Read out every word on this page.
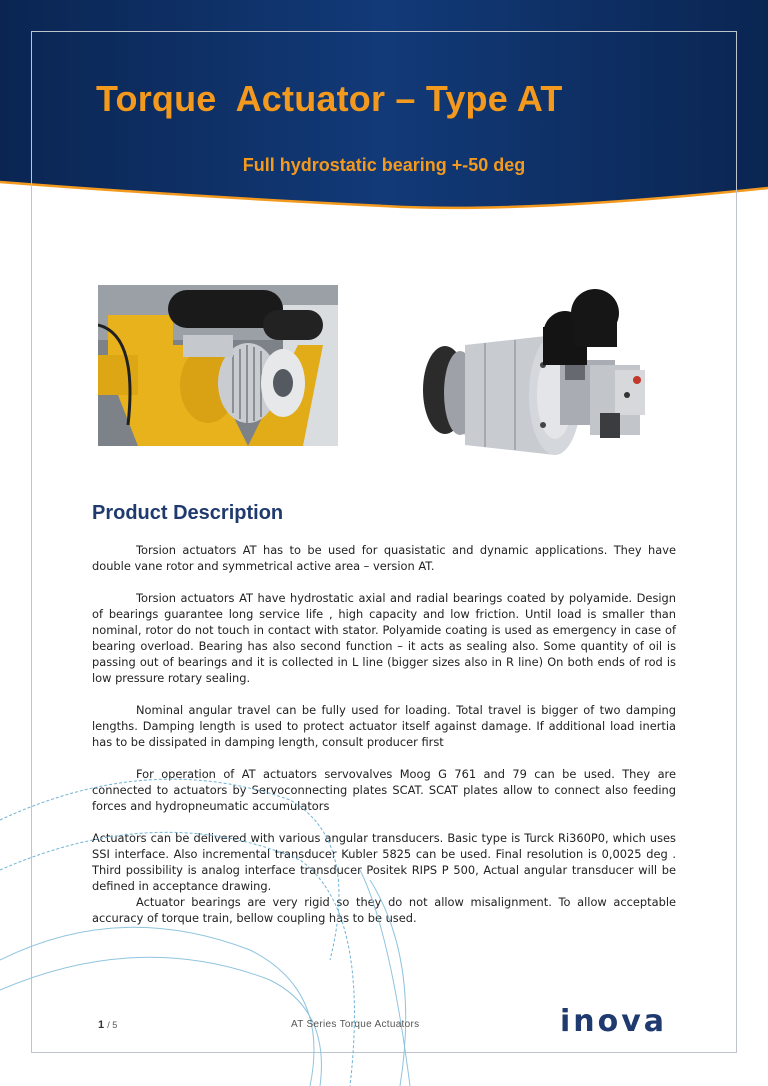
Torque  Actuator – Type AT
Full hydrostatic bearing +-50 deg
Product Description

Torsion actuators AT has to be used for quasistatic and dynamic applications. They have double vane rotor and symmetrical active area – version AT.

Torsion actuators AT have hydrostatic axial and radial bearings coated by polyamide. Design of bearings guarantee long service life , high capacity and low friction. Until load is smaller than nominal, rotor do not touch in contact with stator. Polyamide coating is used as emergency in case of bearing overload. Bearing has also second function – it acts as sealing also. Some quantity of oil is passing out of bearings and it is collected in L line (bigger sizes also in R line) On both ends of rod is low pressure rotary sealing.

Nominal angular travel can be fully used for loading. Total travel is bigger of two damping lengths. Damping length is used to protect actuator itself against damage. If additional load inertia has to be dissipated in damping length, consult producer first

For operation of AT actuators servovalves Moog G 761 and 79 can be used. They are connected to actuators by Servoconnecting plates SCAT. SCAT plates allow to connect also feeding forces and hydropneumatic accumulators

Actuators can be delivered with various angular transducers. Basic type is Turck Ri360P0, which uses SSI interface. Also incremental transducer Kubler 5825 can be used. Final resolution is 0,0025 deg . Third possibility is analog interface transducer Positek RIPS P 500, Actual angular transducer will be defined in acceptance drawing.

Actuator bearings are very rigid so they do not allow misalignment. To allow acceptable accuracy of torque train, bellow coupling has to be used.

1 / 5	AT Series Torque Actuators	inova
